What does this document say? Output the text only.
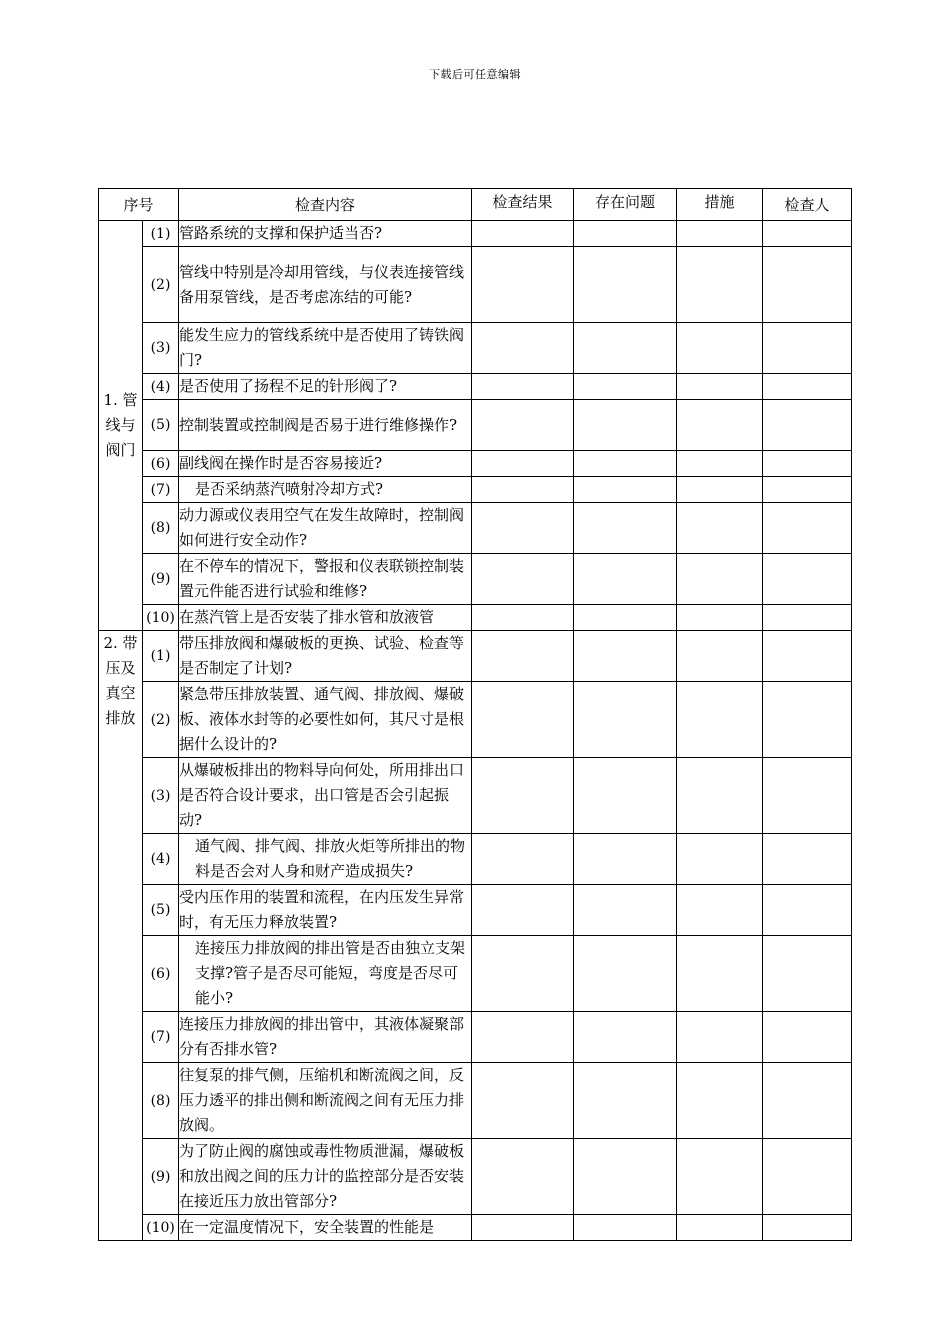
下载后可任意编辑
序号		检查内容	检查结果	存在问题	措施	检查人
1. 管线与阀门	(1)	管路系统的支撑和保护适当否?				
	(2)	管线中特别是冷却用管线，与仪表连接管线备用泵管线，是否考虑冻结的可能?				
	(3)	能发生应力的管线系统中是否使用了铸铁阀门?				
	(4)	是否使用了扬程不足的针形阀了?				
	(5)	控制装置或控制阀是否易于进行维修操作?				
	(6)	副线阀在操作时是否容易接近?				
	(7)	是否采纳蒸汽喷射冷却方式?				
	(8)	动力源或仪表用空气在发生故障时，控制阀如何进行安全动作?				
	(9)	在不停车的情况下，警报和仪表联锁控制装置元件能否进行试验和维修?				
	(10)	在蒸汽管上是否安装了排水管和放液管				
2. 带压及真空排放	(1)	带压排放阀和爆破板的更换、试验、检查等是否制定了计划?				
	(2)	紧急带压排放装置、通气阀、排放阀、爆破板、液体水封等的必要性如何，其尺寸是根据什么设计的?				
	(3)	从爆破板排出的物料导向何处，所用排出口是否符合设计要求，出口管是否会引起振动?				
	(4)	通气阀、排气阀、排放火炬等所排出的物料是否会对人身和财产造成损失?				
	(5)	受内压作用的装置和流程，在内压发生异常时，有无压力释放装置?				
	(6)	连接压力排放阀的排出管是否由独立支架支撑?管子是否尽可能短，弯度是否尽可能小?				
	(7)	连接压力排放阀的排出管中，其液体凝聚部分有否排水管?				
	(8)	往复泵的排气侧，压缩机和断流阀之间，反压力透平的排出侧和断流阀之间有无压力排放阀。				
	(9)	为了防止阀的腐蚀或毒性物质泄漏，爆破板和放出阀之间的压力计的监控部分是否安装在接近压力放出管部分?				
	(10)	在一定温度情况下，安全装置的性能是				
